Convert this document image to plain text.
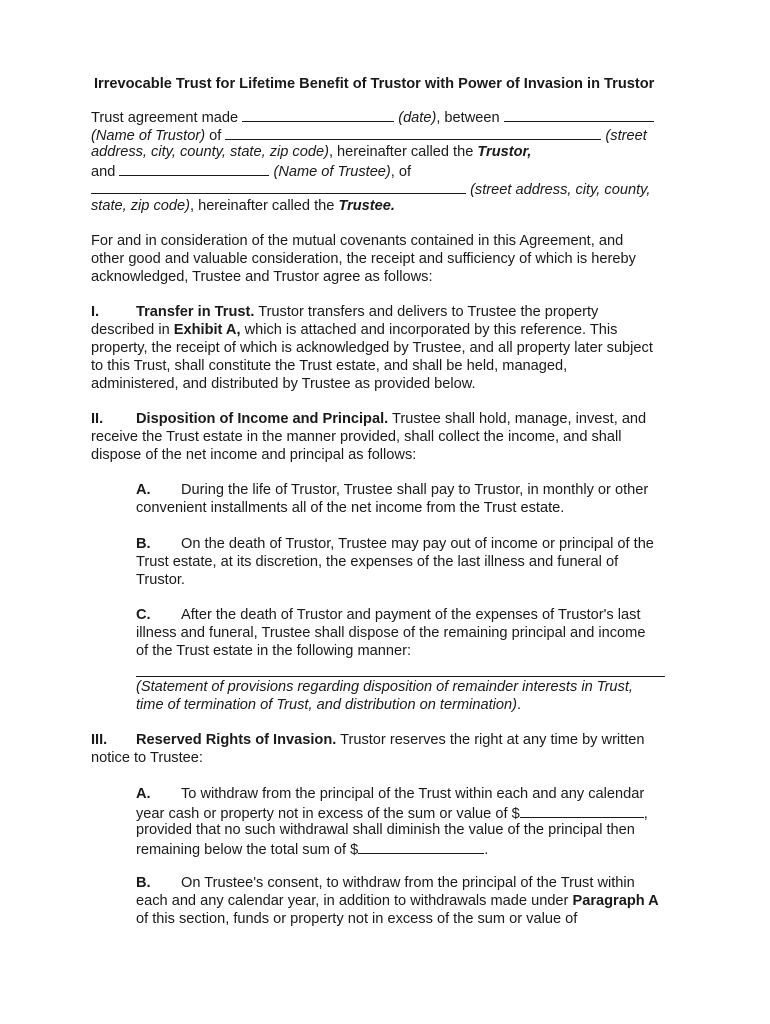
Irrevocable Trust for Lifetime Benefit of Trustor with Power of Invasion in Trustor
Trust agreement made	(date), between
(Name of Trustor) of	(street
address, city, county, state, zip code), hereinafter called the Trustor,
and	(Name of Trustee), of
(street address, city, county,
state, zip code), hereinafter called the Trustee.
For and in consideration of the mutual covenants contained in this Agreement, and
other good and valuable consideration, the receipt and sufficiency of which is hereby
acknowledged, Trustee and Trustor agree as follows:
I.	Transfer in Trust. Trustor transfers and delivers to Trustee the property
described in Exhibit A, which is attached and incorporated by this reference. This
property, the receipt of which is acknowledged by Trustee, and all property later subject
to this Trust, shall constitute the Trust estate, and shall be held, managed,
administered, and distributed by Trustee as provided below.
II. Disposition of Income and Principal. Trustee shall hold, manage, invest, and
receive the Trust estate in the manner provided, shall collect the income, and shall
dispose of the net income and principal as follows:
A. During the life of Trustor, Trustee shall pay to Trustor, in monthly or other
convenient installments all of the net income from the Trust estate.
B. On the death of Trustor, Trustee may pay out of income or principal of the
Trust estate, at its discretion, the expenses of the last illness and funeral of
Trustor.
C. After the death of Trustor and payment of the expenses of Trustor's last
illness and funeral, Trustee shall dispose of the remaining principal and income
of the Trust estate in the following manner:
(Statement of provisions regarding disposition of remainder interests in Trust,
time of termination of Trust, and distribution on termination).
III. Reserved Rights of Invasion. Trustor reserves the right at any time by written
notice to Trustee:
A. To withdraw from the principal of the Trust within each and any calendar
year cash or property not in excess of the sum or value of $	,
provided that no such withdrawal shall diminish the value of the principal then
remaining below the total sum of $	.
B. On Trustee's consent, to withdraw from the principal of the Trust within
each and any calendar year, in addition to withdrawals made under Paragraph A
of this section, funds or property not in excess of the sum or value of
